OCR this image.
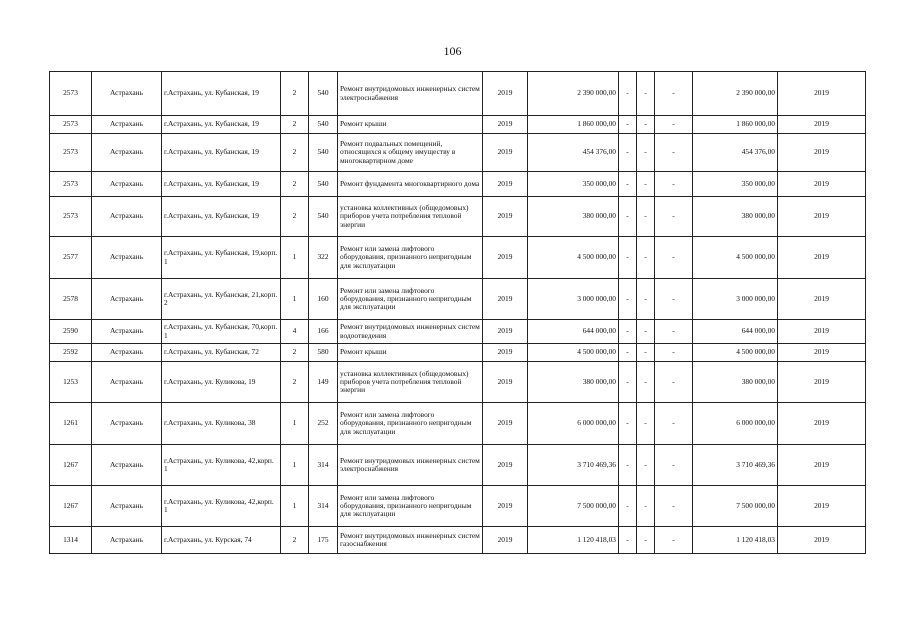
106
2573	Астрахань	г.Астрахань, ул. Кубанская, 19	2	540	Ремонт внутридомовых инженерных систем электроснабжения	2019	2 390 000,00	-	-	-	2 390 000,00	2019
2573	Астрахань	г.Астрахань, ул. Кубанская, 19	2	540	Ремонт крыши	2019	1 860 000,00	-	-	-	1 860 000,00	2019
2573	Астрахань	г.Астрахань, ул. Кубанская, 19	2	540	Ремонт подвальных помещений, относящихся к общему имуществу в многоквартирном доме	2019	454 376,00	-	-	-	454 376,00	2019
2573	Астрахань	г.Астрахань, ул. Кубанская, 19	2	540	Ремонт фундамента многоквартирного дома	2019	350 000,00	-	-	-	350 000,00	2019
2573	Астрахань	г.Астрахань, ул. Кубанская, 19	2	540	установка коллективных (общедомовых) приборов учета потребления тепловой энергии	2019	380 000,00	-	-	-	380 000,00	2019
2577	Астрахань	г.Астрахань, ул. Кубанская, 19,корп. 1	1	322	Ремонт или замена лифтового оборудования, признанного непригодным для эксплуатации	2019	4 500 000,00	-	-	-	4 500 000,00	2019
2578	Астрахань	г.Астрахань, ул. Кубанская, 21,корп. 2	1	160	Ремонт или замена лифтового оборудования, признанного непригодным для эксплуатации	2019	3 000 000,00	-	-	-	3 000 000,00	2019
2590	Астрахань	г.Астрахань, ул. Кубанская, 70,корп. 1	4	166	Ремонт внутридомовых инженерных систем водоотведения	2019	644 000,00	-	-	-	644 000,00	2019
2592	Астрахань	г.Астрахань, ул. Кубанская, 72	2	580	Ремонт крыши	2019	4 500 000,00	-	-	-	4 500 000,00	2019
1253	Астрахань	г.Астрахань, ул. Куликова, 19	2	149	установка коллективных (общедомовых) приборов учета потребления тепловой энергии	2019	380 000,00	-	-	-	380 000,00	2019
1261	Астрахань	г.Астрахань, ул. Куликова, 38	1	252	Ремонт или замена лифтового оборудования, признанного непригодным для эксплуатации	2019	6 000 000,00	-	-	-	6 000 000,00	2019
1267	Астрахань	г.Астрахань, ул. Куликова, 42,корп. 1	1	314	Ремонт внутридомовых инженерных систем электроснабжения	2019	3 710 469,36	-	-	-	3 710 469,36	2019
1267	Астрахань	г.Астрахань, ул. Куликова, 42,корп. 1	1	314	Ремонт или замена лифтового оборудования, признанного непригодным для эксплуатации	2019	7 500 000,00	-	-	-	7 500 000,00	2019
1314	Астрахань	г.Астрахань, ул. Курская, 74	2	175	Ремонт внутридомовых инженерных систем газоснабжения	2019	1 120 418,03	-	-	-	1 120 418,03	2019
